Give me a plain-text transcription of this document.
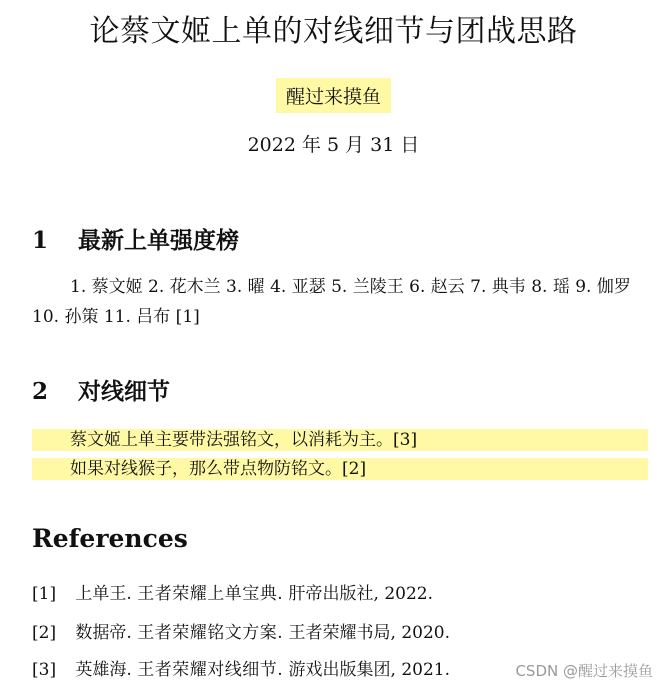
论蔡文姬上单的对线细节与团战思路
醒过来摸鱼
2022 年 5 月 31 日
1 最新上单强度榜
1. 蔡文姬 2. 花木兰 3. 曜 4. 亚瑟 5. 兰陵王 6. 赵云 7. 典韦 8. 瑶 9. 伽罗 10. 孙策 11. 吕布 [1]
2 对线细节
蔡文姬上单主要带法强铭文，以消耗为主。[3]
如果对线猴子，那么带点物防铭文。[2]
References
[1] 上单王. 王者荣耀上单宝典. 肝帝出版社, 2022.
[2] 数据帝. 王者荣耀铭文方案. 王者荣耀书局, 2020.
[3] 英雄海. 王者荣耀对线细节. 游戏出版集团, 2021.	CSDN @醒过来摸鱼
